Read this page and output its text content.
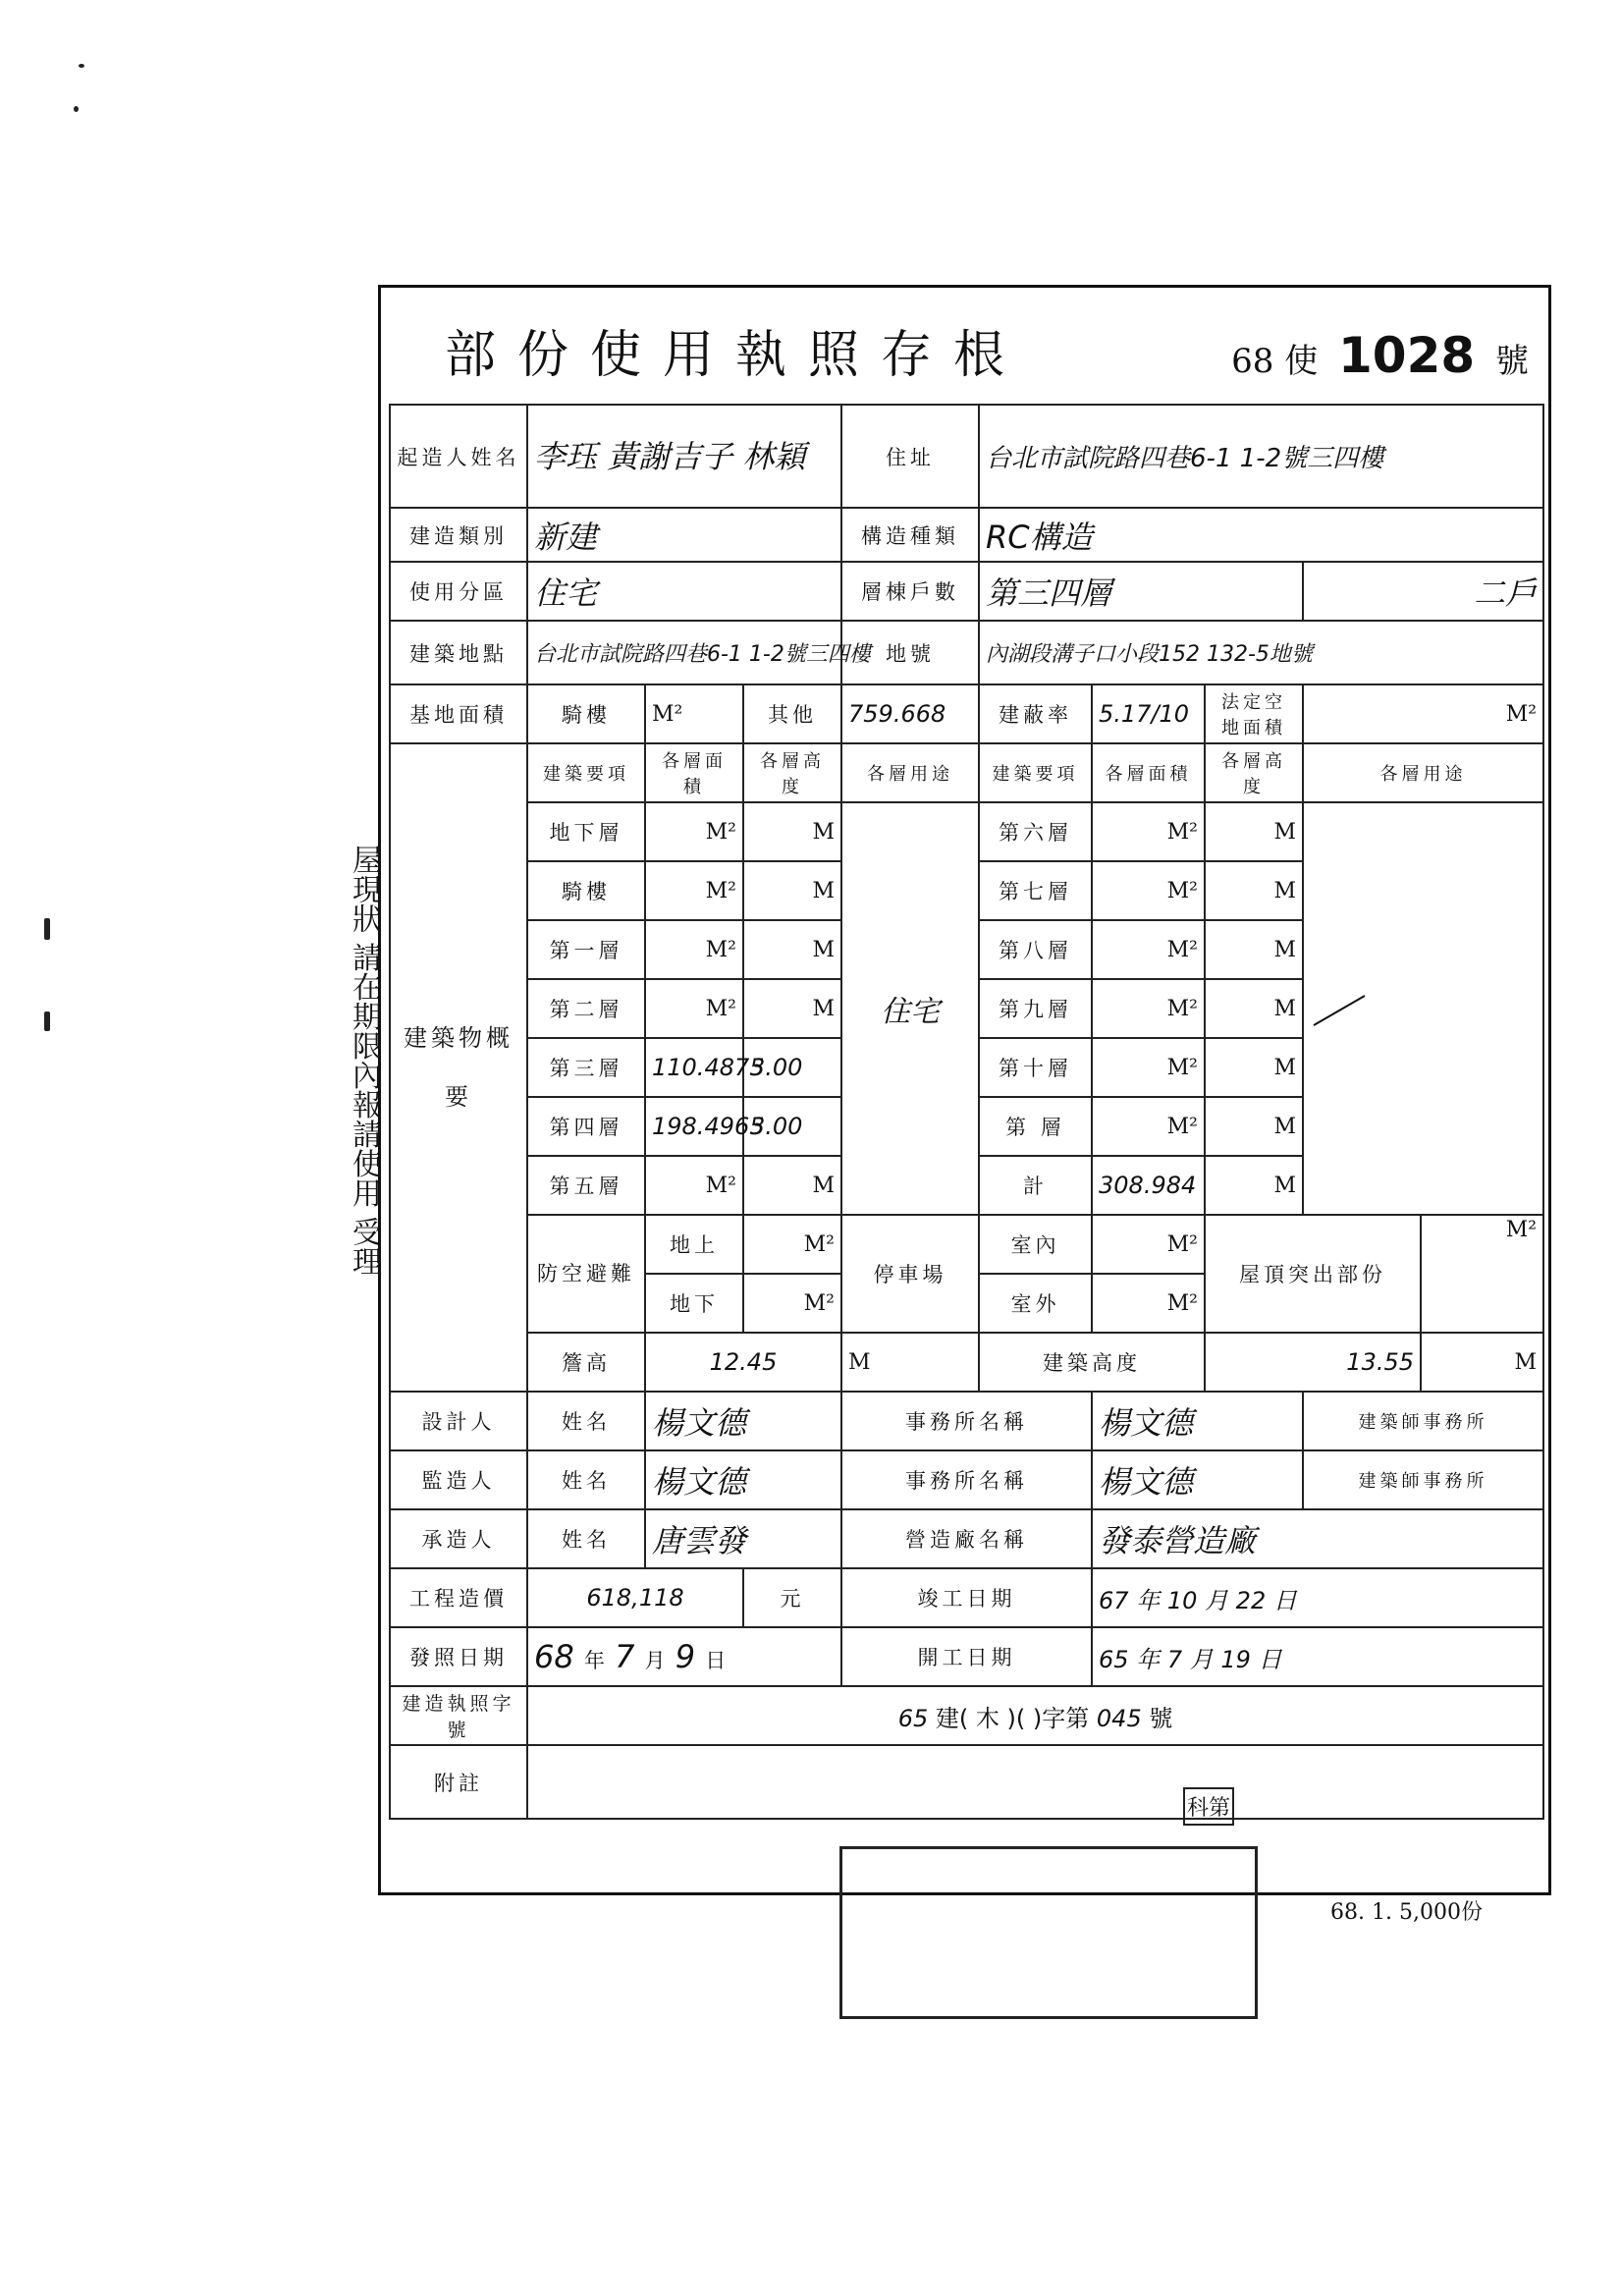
屋現狀 請在期限內報請使用 受理
部份使用執照存根	68 使 1028 號
起造人姓名	李珏 黃謝吉子 林穎			住址	台北市試院路四巷6-1 1-2號三四樓				
建造類別	新建			構造種類	RC構造				
使用分區	住宅			層棟戶數	第三四層			二戶	
建築地點	台北市試院路四巷6-1 1-2號三四樓			地號	內湖段溝子口小段152 132-5地號				
基地面積	騎樓	M²	其他	759.668	建蔽率	5.17/10	法定空地面積	M²	
建築物概要	建築要項	各層面積	各層高度	各層用途	建築要項	各層面積	各層高度	各層用途	
	地下層	M²	M	住宅	第六層	M²	M		
	騎樓	M²	M		第七層	M²	M		
	第一層	M²	M		第八層	M²	M		
	第二層	M²	M		第九層	M²	M		
	第三層	110.4875	3.00		第十層	M²	M		
	第四層	198.4965	3.00		第 層	M²	M		
	第五層	M²	M		計	308.984	M		
	防空避難	地上	M²	停車場	室內	M²	屋頂突出部份		M²
		地下	M²		室外	M²			
	簷高	12.45		M	建築高度		13.55		M
設計人	姓名	楊文德		事務所名稱		楊文德		建築師事務所	
監造人	姓名	楊文德		事務所名稱		楊文德		建築師事務所	
承造人	姓名	唐雲發		營造廠名稱		發泰營造廠			
工程造價	618,118		元	竣工日期		67 年 10 月 22 日			
發照日期	68 年 7 月 9 日			開工日期		65 年 7 月 19 日			
建造執照字號	65 建( 木 )( )字第 045 號								
附註									
科第
68. 1. 5,000份
